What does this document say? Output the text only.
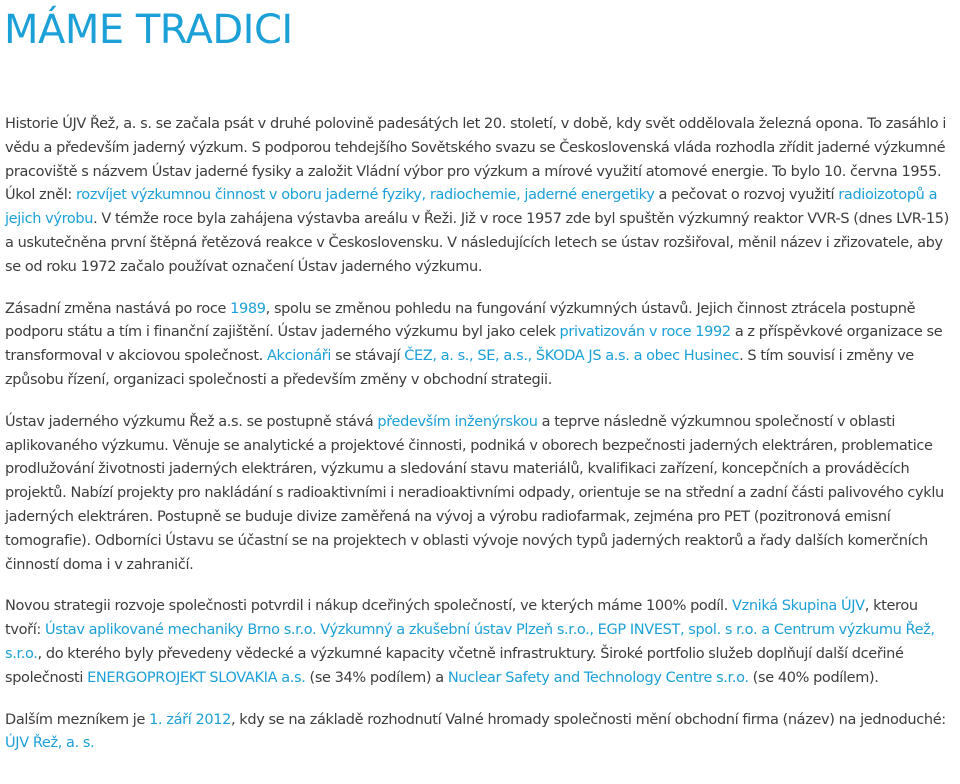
MÁME TRADICI

Historie ÚJV Řež, a. s. se začala psát v druhé polovině padesátých let 20. století, v době, kdy svět oddělovala železná opona. To zasáhlo i vědu a především jaderný výzkum. S podporou tehdejšího Sovětského svazu se Československá vláda rozhodla zřídit jaderné výzkumné pracoviště s názvem Ústav jaderné fysiky a založit Vládní výbor pro výzkum a mírové využití atomové energie. To bylo 10. června 1955. Úkol zněl: rozvíjet výzkumnou činnost v oboru jaderné fyziky, radiochemie, jaderné energetiky a pečovat o rozvoj využití radioizotopů a jejich výrobu. V témže roce byla zahájena výstavba areálu v Řeži. Již v roce 1957 zde byl spuštěn výzkumný reaktor VVR-S (dnes LVR-15) a uskutečněna první štěpná řetězová reakce v Československu. V následujících letech se ústav rozšiřoval, měnil název i zřizovatele, aby se od roku 1972 začalo používat označení Ústav jaderného výzkumu.

Zásadní změna nastává po roce 1989, spolu se změnou pohledu na fungování výzkumných ústavů. Jejich činnost ztrácela postupně podporu státu a tím i finanční zajištění. Ústav jaderného výzkumu byl jako celek privatizován v roce 1992 a z příspěvkové organizace se transformoval v akciovou společnost. Akcionáři se stávají ČEZ, a. s., SE, a.s., ŠKODA JS a.s. a obec Husinec. S tím souvisí i změny ve způsobu řízení, organizaci společnosti a především změny v obchodní strategii.

Ústav jaderného výzkumu Řež a.s. se postupně stává především inženýrskou a teprve následně výzkumnou společností v oblasti aplikovaného výzkumu. Věnuje se analytické a projektové činnosti, podniká v oborech bezpečnosti jaderných elektráren, problematice prodlužování životnosti jaderných elektráren, výzkumu a sledování stavu materiálů, kvalifikaci zařízení, koncepčních a prováděcích projektů. Nabízí projekty pro nakládání s radioaktivními i neradioaktivními odpady, orientuje se na střední a zadní části palivového cyklu jaderných elektráren. Postupně se buduje divize zaměřená na vývoj a výrobu radiofarmak, zejména pro PET (pozitronová emisní tomografie). Odborníci Ústavu se účastní se na projektech v oblasti vývoje nových typů jaderných reaktorů a řady dalších komerčních činností doma i v zahraničí.

Novou strategii rozvoje společnosti potvrdil i nákup dceřiných společností, ve kterých máme 100% podíl. Vzniká Skupina ÚJV, kterou tvoří: Ústav aplikované mechaniky Brno s.r.o. Výzkumný a zkušební ústav Plzeň s.r.o., EGP INVEST, spol. s r.o. a Centrum výzkumu Řež, s.r.o., do kterého byly převedeny vědecké a výzkumné kapacity včetně infrastruktury. Široké portfolio služeb doplňují další dceřiné společnosti ENERGOPROJEKT SLOVAKIA a.s. (se 34% podílem) a Nuclear Safety and Technology Centre s.r.o. (se 40% podílem).

Dalším mezníkem je 1. září 2012, kdy se na základě rozhodnutí Valné hromady společnosti mění obchodní firma (název) na jednoduché: ÚJV Řež, a. s.
